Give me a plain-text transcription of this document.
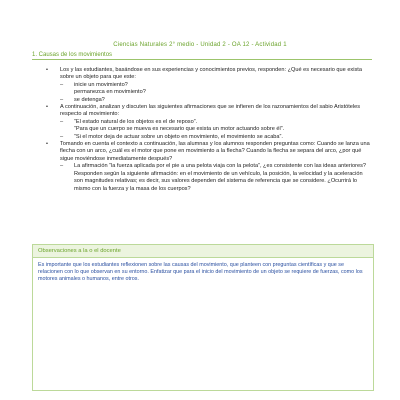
Ciencias Naturales 2° medio - Unidad 2 - OA 12 - Actividad 1
1. Causas de los movimientos

• Los y las estudiantes, basándose en sus experiencias y conocimientos previos, responden: ¿Qué es necesario que exista sobre un objeto para que este:

– inicie un movimiento?

permanezca en movimiento?

– se detenga?

• A continuación, analizan y discuten las siguientes afirmaciones que se infieren de los razonamientos del sabio Aristóteles respecto al movimiento:

– “El estado natural de los objetos es el de reposo”.

“Para que un cuerpo se mueva es necesario que exista un motor actuando sobre él”.

– “Si el motor deja de actuar sobre un objeto en movimiento, el movimiento se acaba”.

• Tomando en cuenta el contexto a continuación, las alumnas y los alumnos responden preguntas como: Cuando se lanza una flecha con un arco, ¿cuál es el motor que pone en movimiento a la flecha? Cuando la flecha se separa del arco, ¿por qué sigue moviéndose inmediatamente después?

– La afirmación “la fuerza aplicada por el pie a una pelota viaja con la pelota”, ¿es consistente con las ideas anteriores?

Responden según la siguiente afirmación: en el movimiento de un vehículo, la posición, la velocidad y la aceleración son magnitudes relativas; es decir, sus valores dependen del sistema de referencia que se considere. ¿Ocurrirá lo mismo con la fuerza y la masa de los cuerpos?

Observaciones a la o el docente
Es importante que los estudiantes reflexionen sobre las causas del movimiento, que planteen con preguntas científicas y que se relacionen con lo que observan en su entorno. Enfatizar que para el inicio del movimiento de un objeto se requiere de fuerzas, como los motores animales o humanos, entre otros.
